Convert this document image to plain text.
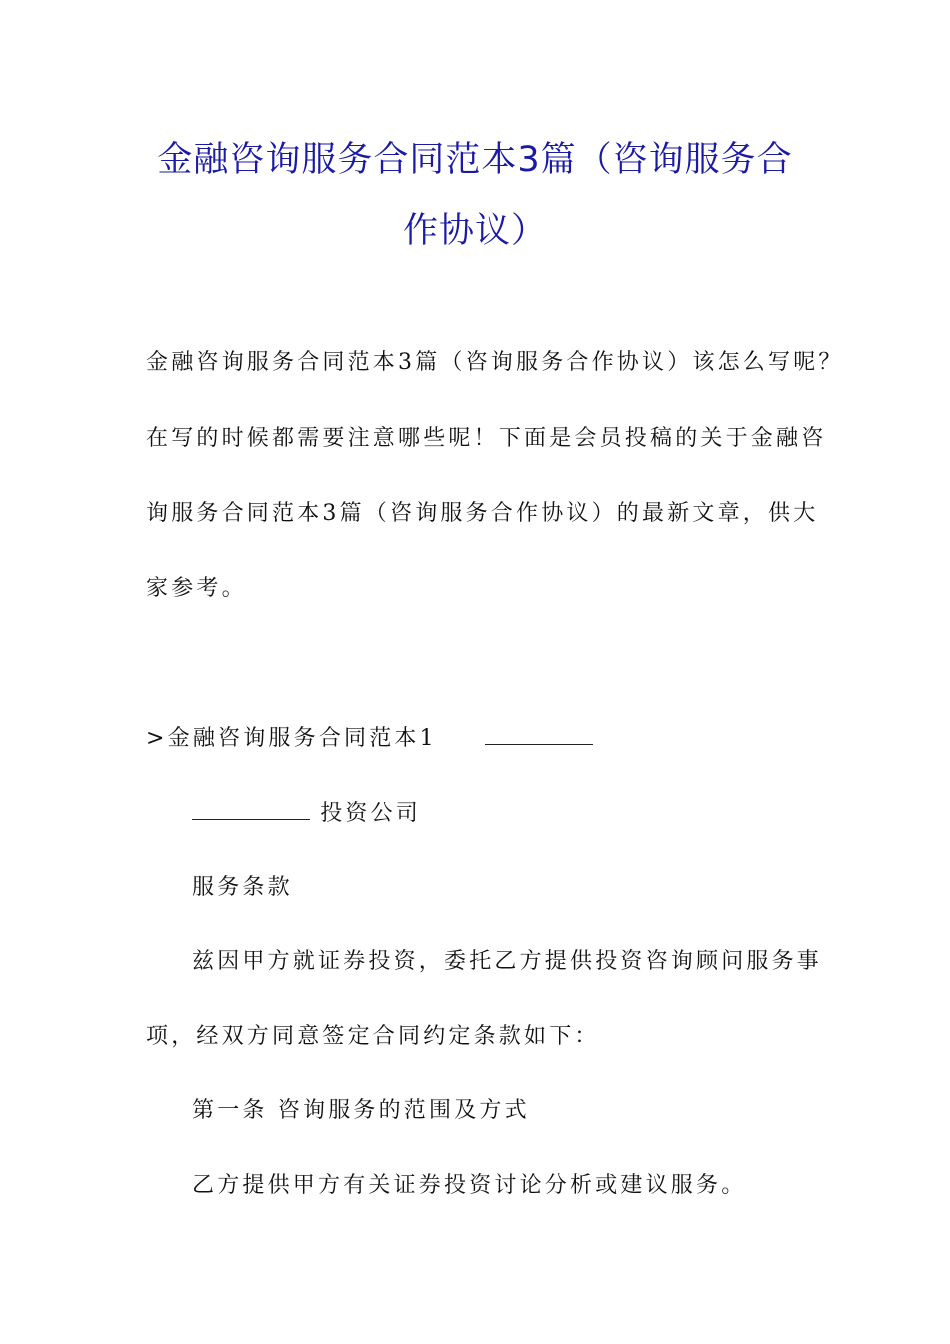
金融咨询服务合同范本3篇（咨询服务合
作协议）
金融咨询服务合同范本3篇（咨询服务合作协议）该怎么写呢？
在写的时候都需要注意哪些呢！下面是会员投稿的关于金融咨
询服务合同范本3篇（咨询服务合作协议）的最新文章，供大
家参考。
>金融咨询服务合同范本1
投资公司
服务条款
兹因甲方就证券投资，委托乙方提供投资咨询顾问服务事
项，经双方同意签定合同约定条款如下：
第一条 咨询服务的范围及方式
乙方提供甲方有关证券投资讨论分析或建议服务。
